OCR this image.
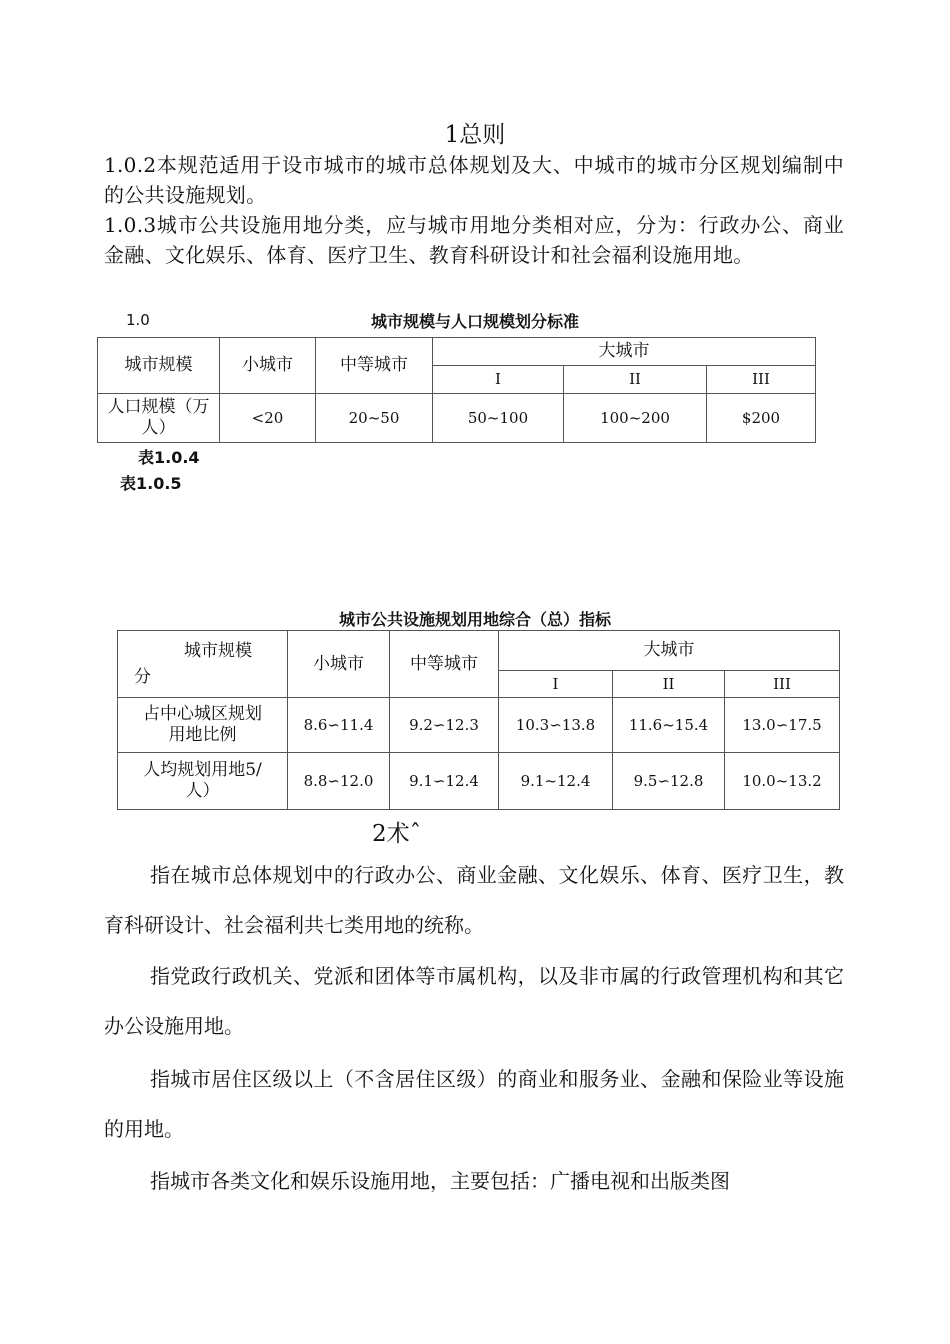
1总则
1.0.2本规范适用于设市城市的城市总体规划及大、中城市的城市分区规划编制中的公共设施规划。
1.0.3城市公共设施用地分类，应与城市用地分类相对应，分为：行政办公、商业金融、文化娱乐、体育、医疗卫生、教育科研设计和社会福利设施用地。
1.0	城市规模与人口规模划分标准
城市规模	小城市	中等城市	大城市		
			I	II	III
人口规模（万人）	<20	20~50	50~100	100~200	$200
表1.0.4
表1.0.5
城市公共设施规划用地综合（总）指标
城市规模
分	小城市	中等城市	大城市		
			I	II	III
占中心城区规划用地比例	8.6∽11.4	9.2∽12.3	10.3∽13.8	11.6~15.4	13.0∽17.5
人均规划用地5/人）	8.8∽12.0	9.1∽12.4	9.1~12.4	9.5∽12.8	10.0~13.2
2术ˆ
指在城市总体规划中的行政办公、商业金融、文化娱乐、体育、医疗卫生，教育科研设计、社会福利共七类用地的统称。
指党政行政机关、党派和团体等市属机构，以及非市属的行政管理机构和其它办公设施用地。
指城市居住区级以上（不含居住区级）的商业和服务业、金融和保险业等设施的用地。
指城市各类文化和娱乐设施用地，主要包括：广播电视和出版类图
